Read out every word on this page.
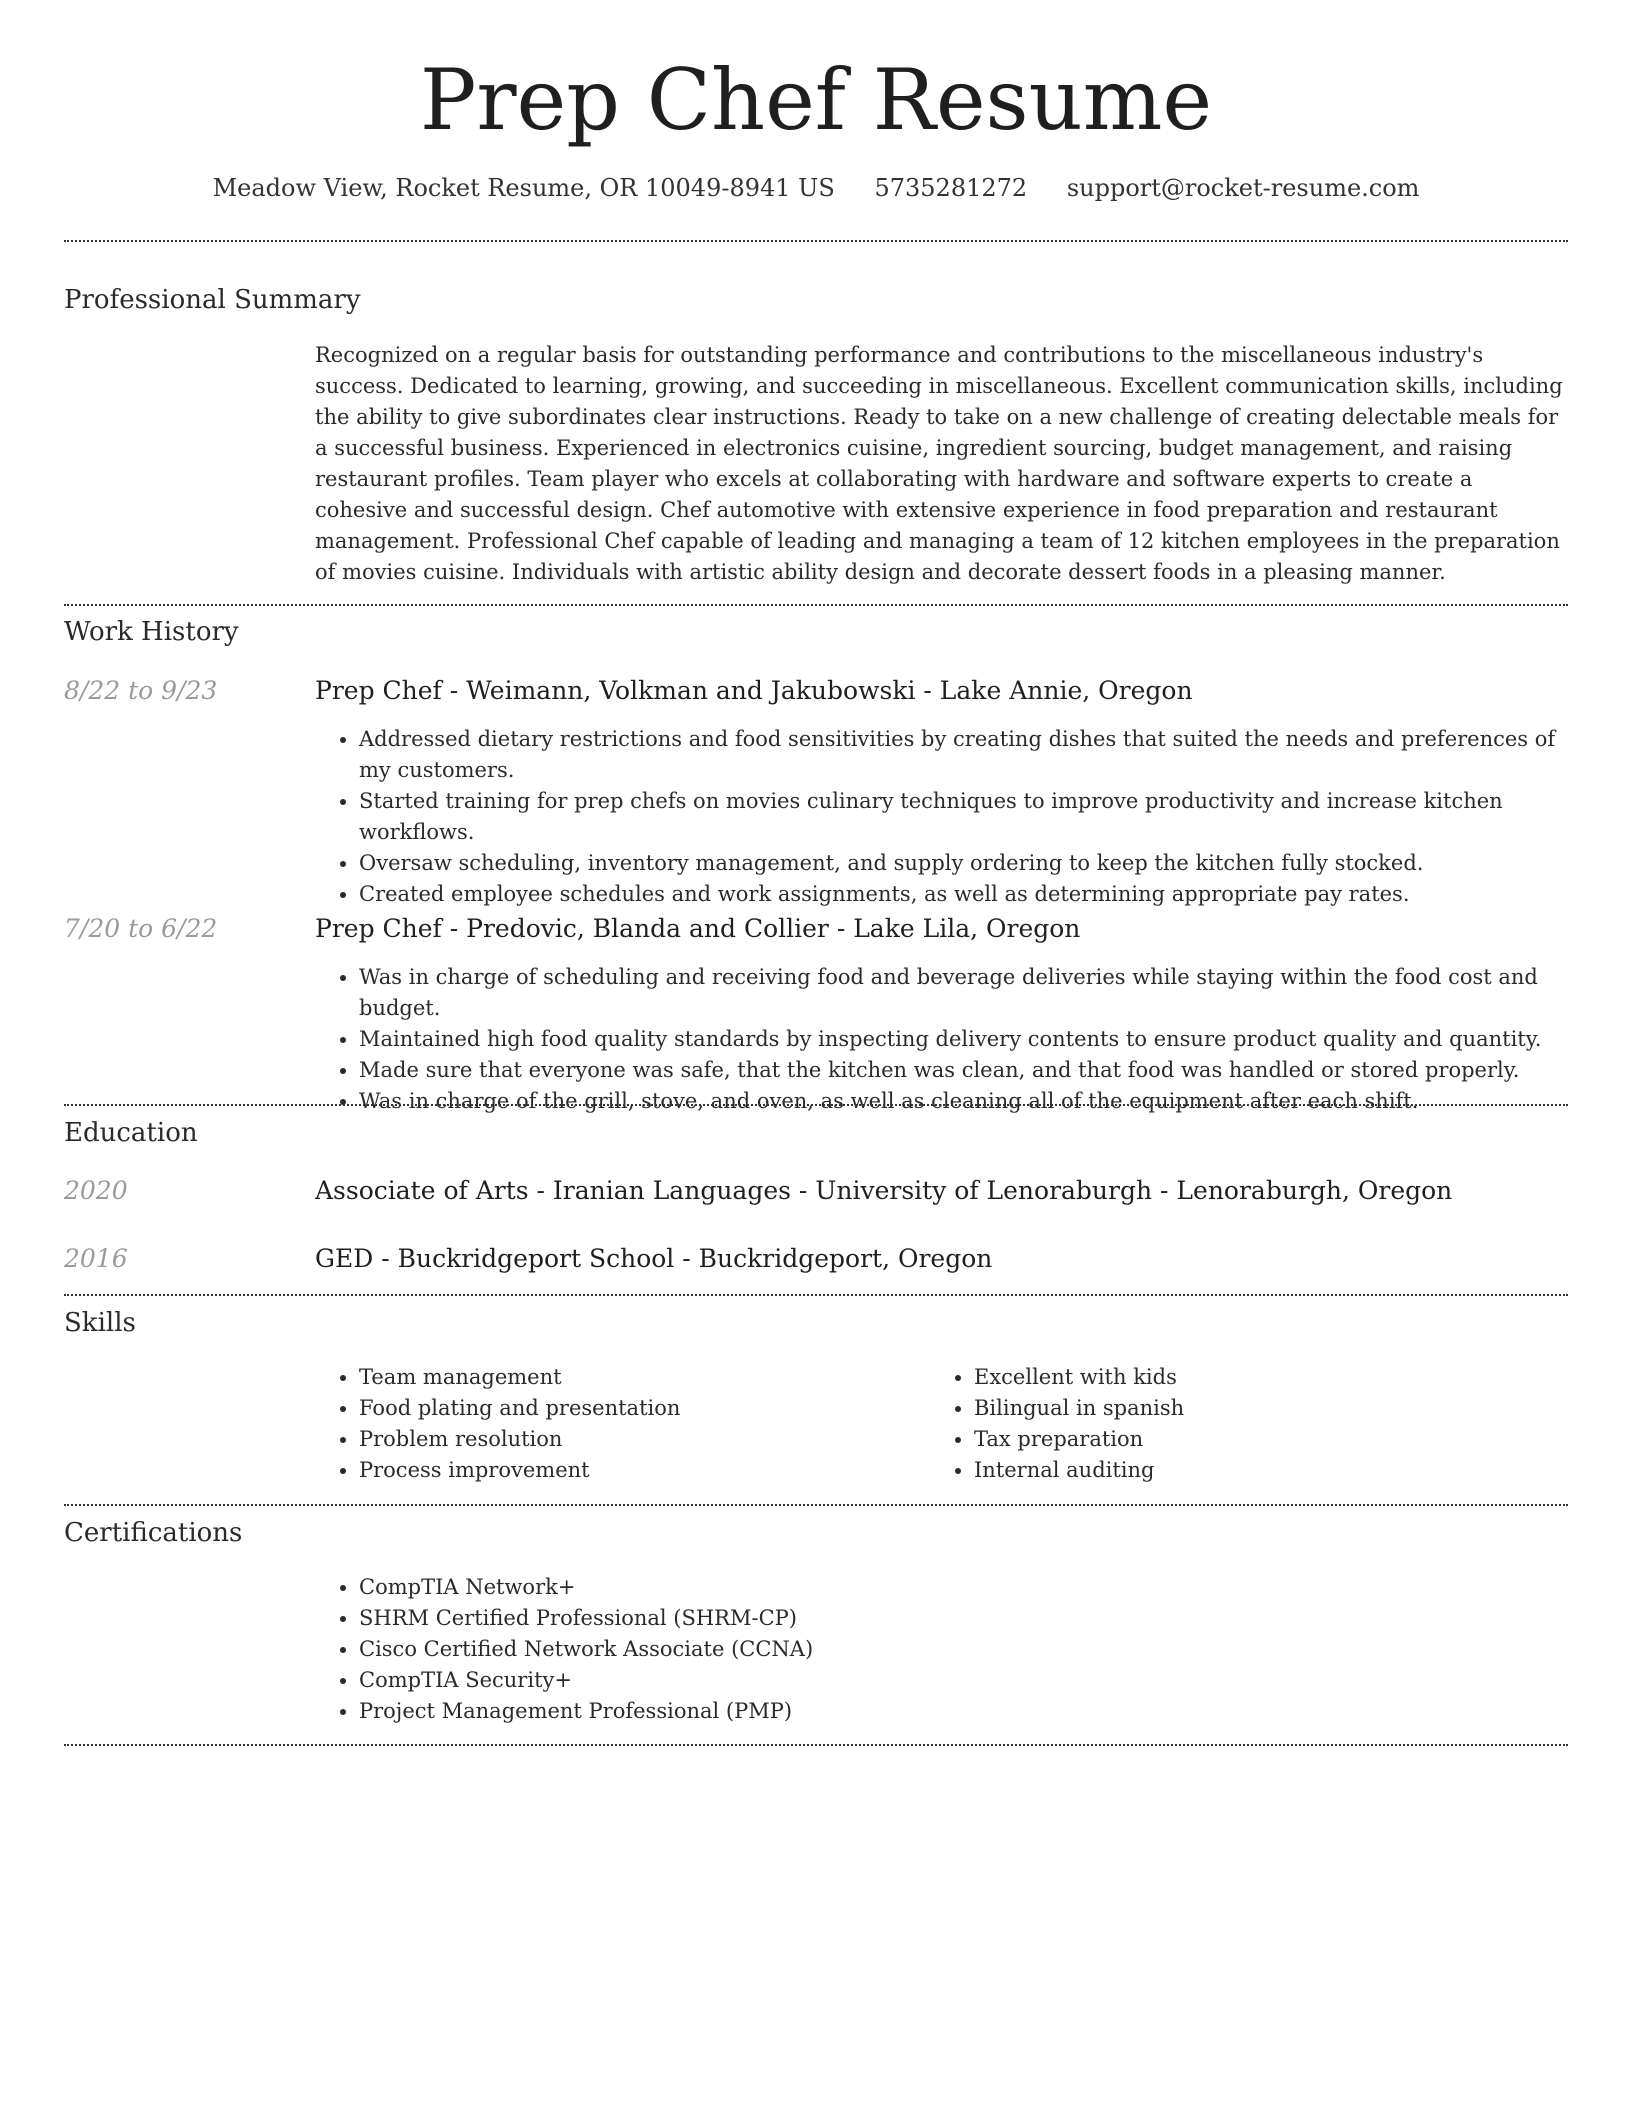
Prep Chef Resume
Meadow View, Rocket Resume, OR 10049-8941 US 5735281272 support@rocket-resume.com
Professional Summary

Recognized on a regular basis for outstanding performance and contributions to the miscellaneous industry's success. Dedicated to learning, growing, and succeeding in miscellaneous. Excellent communication skills, including the ability to give subordinates clear instructions. Ready to take on a new challenge of creating delectable meals for a successful business. Experienced in electronics cuisine, ingredient sourcing, budget management, and raising restaurant profiles. Team player who excels at collaborating with hardware and software experts to create a cohesive and successful design. Chef automotive with extensive experience in food preparation and restaurant management. Professional Chef capable of leading and managing a team of 12 kitchen employees in the preparation of movies cuisine. Individuals with artistic ability design and decorate dessert foods in a pleasing manner.

Work History
8/22 to 9/23	Prep Chef - Weimann, Volkman and Jakubowski - Lake Annie, Oregon
• Addressed dietary restrictions and food sensitivities by creating dishes that suited the needs and preferences of my customers.
• Started training for prep chefs on movies culinary techniques to improve productivity and increase kitchen workflows.
• Oversaw scheduling, inventory management, and supply ordering to keep the kitchen fully stocked.
• Created employee schedules and work assignments, as well as determining appropriate pay rates.
7/20 to 6/22	Prep Chef - Predovic, Blanda and Collier - Lake Lila, Oregon
• Was in charge of scheduling and receiving food and beverage deliveries while staying within the food cost and budget.
• Maintained high food quality standards by inspecting delivery contents to ensure product quality and quantity.
• Made sure that everyone was safe, that the kitchen was clean, and that food was handled or stored properly.
• Was in charge of the grill, stove, and oven, as well as cleaning all of the equipment after each shift.
Education
2020	Associate of Arts - Iranian Languages - University of Lenoraburgh - Lenoraburgh, Oregon
2016	GED - Buckridgeport School - Buckridgeport, Oregon
Skills
• Team management
• Food plating and presentation
• Problem resolution
• Process improvement
• Excellent with kids
• Bilingual in spanish
• Tax preparation
• Internal auditing
Certifications
• CompTIA Network+
• SHRM Certified Professional (SHRM-CP)
• Cisco Certified Network Associate (CCNA)
• CompTIA Security+
• Project Management Professional (PMP)
